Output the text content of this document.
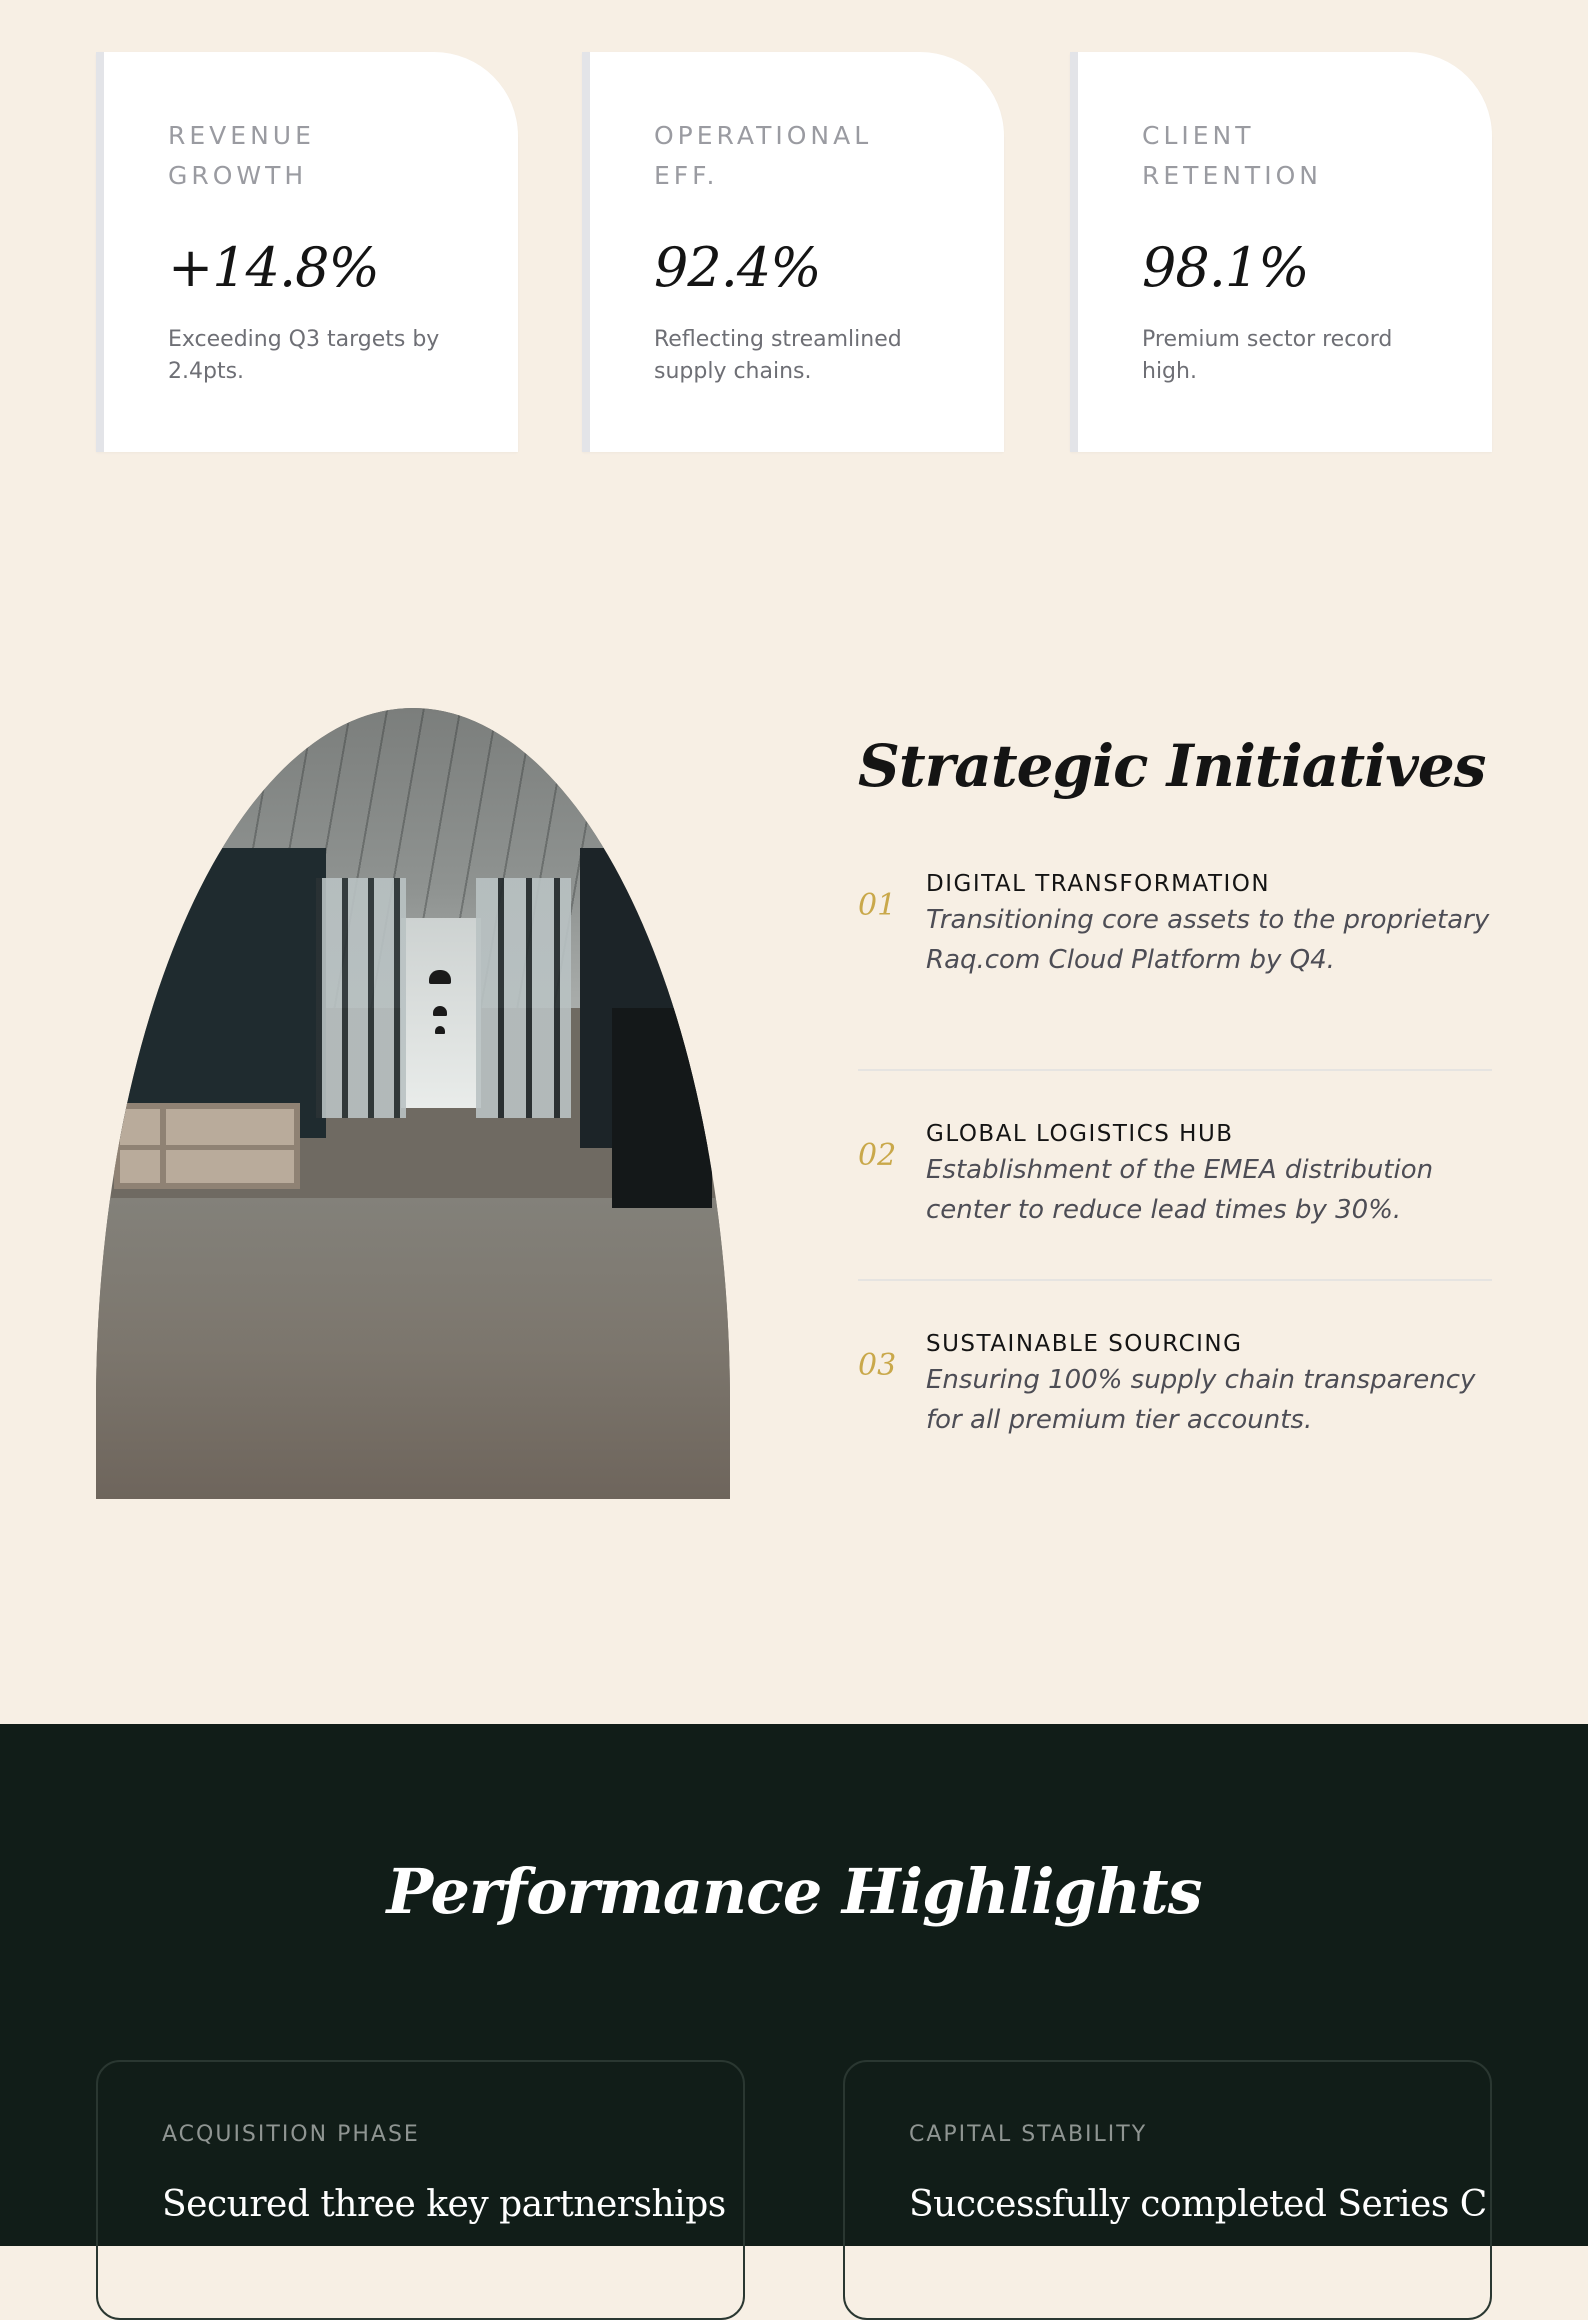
REVENUE GROWTH
+14.8%
Exceeding Q3 targets by 2.4pts.
OPERATIONAL EFF.
92.4%
Reflecting streamlined supply chains.
CLIENT RETENTION
98.1%
Premium sector record high.
Strategic Initiatives
01
DIGITAL TRANSFORMATION
Transitioning core assets to the proprietary Raq.com Cloud Platform by Q4.
02
GLOBAL LOGISTICS HUB
Establishment of the EMEA distribution center to reduce lead times by 30%.
03
SUSTAINABLE SOURCING
Ensuring 100% supply chain transparency for all premium tier accounts.
Performance Highlights
ACQUISITION PHASE
Secured three key partnerships
CAPITAL STABILITY
Successfully completed Series C
